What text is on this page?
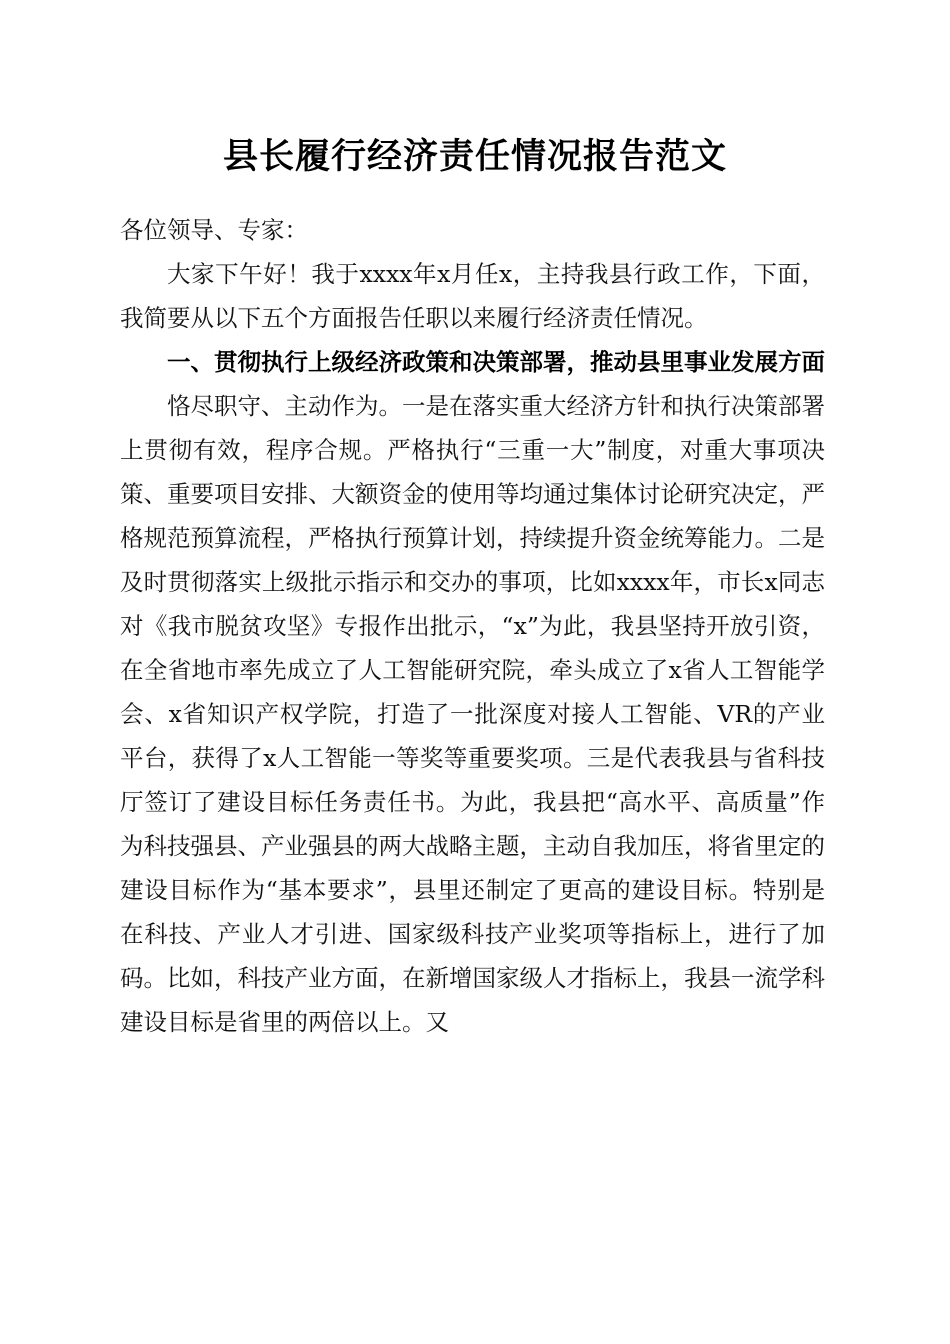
县长履行经济责任情况报告范文

各位领导、专家：

大家下午好！我于xxxx年x月任x，主持我县行政工作，下面，我简要从以下五个方面报告任职以来履行经济责任情况。

一、贯彻执行上级经济政策和决策部署，推动县里事业发展方面

恪尽职守、主动作为。一是在落实重大经济方针和执行决策部署上贯彻有效，程序合规。严格执行“三重一大”制度，对重大事项决策、重要项目安排、大额资金的使用等均通过集体讨论研究决定，严格规范预算流程，严格执行预算计划，持续提升资金统筹能力。二是及时贯彻落实上级批示指示和交办的事项，比如xxxx年，市长x同志对《我市脱贫攻坚》专报作出批示，“x”为此，我县坚持开放引资，在全省地市率先成立了人工智能研究院，牵头成立了x省人工智能学会、x省知识产权学院，打造了一批深度对接人工智能、VR的产业平台，获得了x人工智能一等奖等重要奖项。三是代表我县与省科技厅签订了建设目标任务责任书。为此，我县把“高水平、高质量”作为科技强县、产业强县的两大战略主题，主动自我加压，将省里定的建设目标作为“基本要求”，县里还制定了更高的建设目标。特别是在科技、产业人才引进、国家级科技产业奖项等指标上，进行了加码。比如，科技产业方面，在新增国家级人才指标上，我县一流学科建设目标是省里的两倍以上。又
